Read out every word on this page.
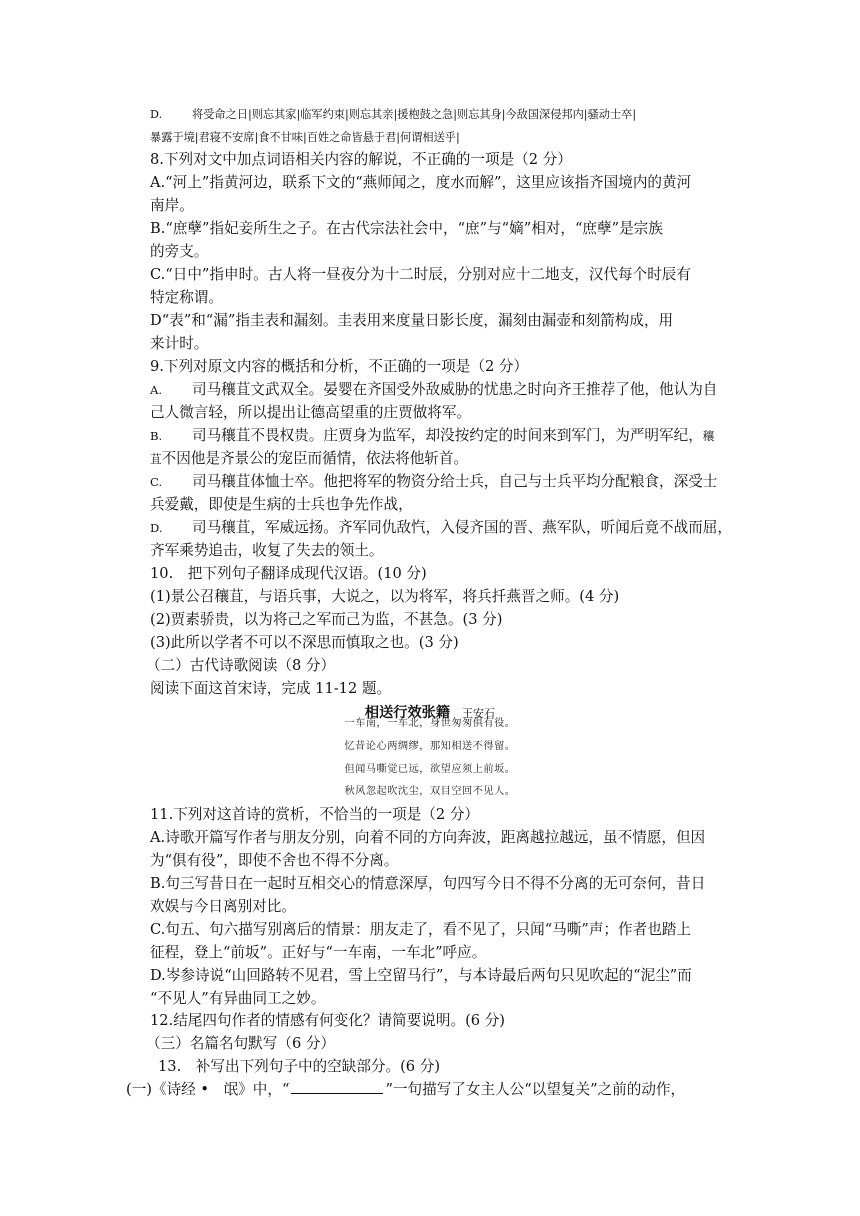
D.	将受命之日|则忘其家|临军约束|则忘其亲|援枹鼓之急|则忘其身|今敌国深侵邦内|骚动士卒|
暴露于境|君寝不安席|食不甘味|百姓之命皆悬于君|何谓相送乎|
8.下列对文中加点词语相关内容的解说，不正确的一项是（2 分）
A.“河上”指黄河边，联系下文的“燕师闻之，度水而解”，这里应该指齐国境内的黄河
南岸。
B.“庶孽”指妃妾所生之子。在古代宗法社会中，“庶”与“嫡”相对，“庶孽”是宗族
的旁支。
C.“日中”指申时。古人将一昼夜分为十二时辰，分别对应十二地支，汉代每个时辰有
特定称谓。
D“表”和“漏”指圭表和漏刻。圭表用来度量日影长度，漏刻由漏壶和刻箭构成，用
来计时。
9.下列对原文内容的概括和分析，不正确的一项是（2 分）
A. 司马穰苴文武双全。晏婴在齐国受外敌威胁的忧患之时向齐王推荐了他，他认为自
己人微言轻，所以提出让德高望重的庄贾做将军。
B. 司马穰苴不畏权贵。庄贾身为监军，却没按约定的时间来到军门，为严明军纪，穰
苴不因他是齐景公的宠臣而循情，依法将他斩首。
C. 司马穰苴体恤士卒。他把将军的物资分给士兵，自己与士兵平均分配粮食，深受士
兵爱戴，即使是生病的士兵也争先作战，
D. 司马穰苴，军威远扬。齐军同仇敌忾，入侵齐国的晋、燕军队，听闻后竟不战而屈，
齐军乘势追击，收复了失去的领土。
10.　把下列句子翻译成现代汉语。(10 分)
(1)景公召穰苴，与语兵事，大说之，以为将军，将兵扦燕晋之师。(4 分)
(2)贾素骄贵，以为将己之军而己为监，不甚急。(3 分)
(3)此所以学者不可以不深思而慎取之也。(3 分)
（二）古代诗歌阅读（8 分）
阅读下面这首宋诗，完成 11-12 题。
相送行效张籍 王安石
一车南，一车北，身世匆匆俱有役。
忆昔论心两绸缪，那知相送不得留。
但闻马嘶觉已远，欲望应须上前坂。
秋风忽起吹沈尘，双目空回不见人。
11.下列对这首诗的赏析，不恰当的一项是（2 分）
A.诗歌开篇写作者与朋友分别，向着不同的方向奔波，距离越拉越远，虽不情愿，但因
为“俱有役”，即使不舍也不得不分离。
B.句三写昔日在一起时互相交心的情意深厚，句四写今日不得不分离的无可奈何，昔日
欢娱与今日离别对比。
C.句五、句六描写别离后的情景：朋友走了，看不见了，只闻“马嘶”声；作者也踏上
征程，登上“前坂”。正好与“一车南，一车北”呼应。
D.岑参诗说“山回路转不见君，雪上空留马行”，与本诗最后两句只见吹起的“泥尘”而
“不见人”有异曲同工之妙。
12.结尾四句作者的情感有何变化？请简要说明。(6 分)
（三）名篇名句默写（6 分）
13.　补写出下列句子中的空缺部分。(6 分)
(一)《诗经 •　氓》中，“	”一句描写了女主人公“以望复关”之前的动作，
